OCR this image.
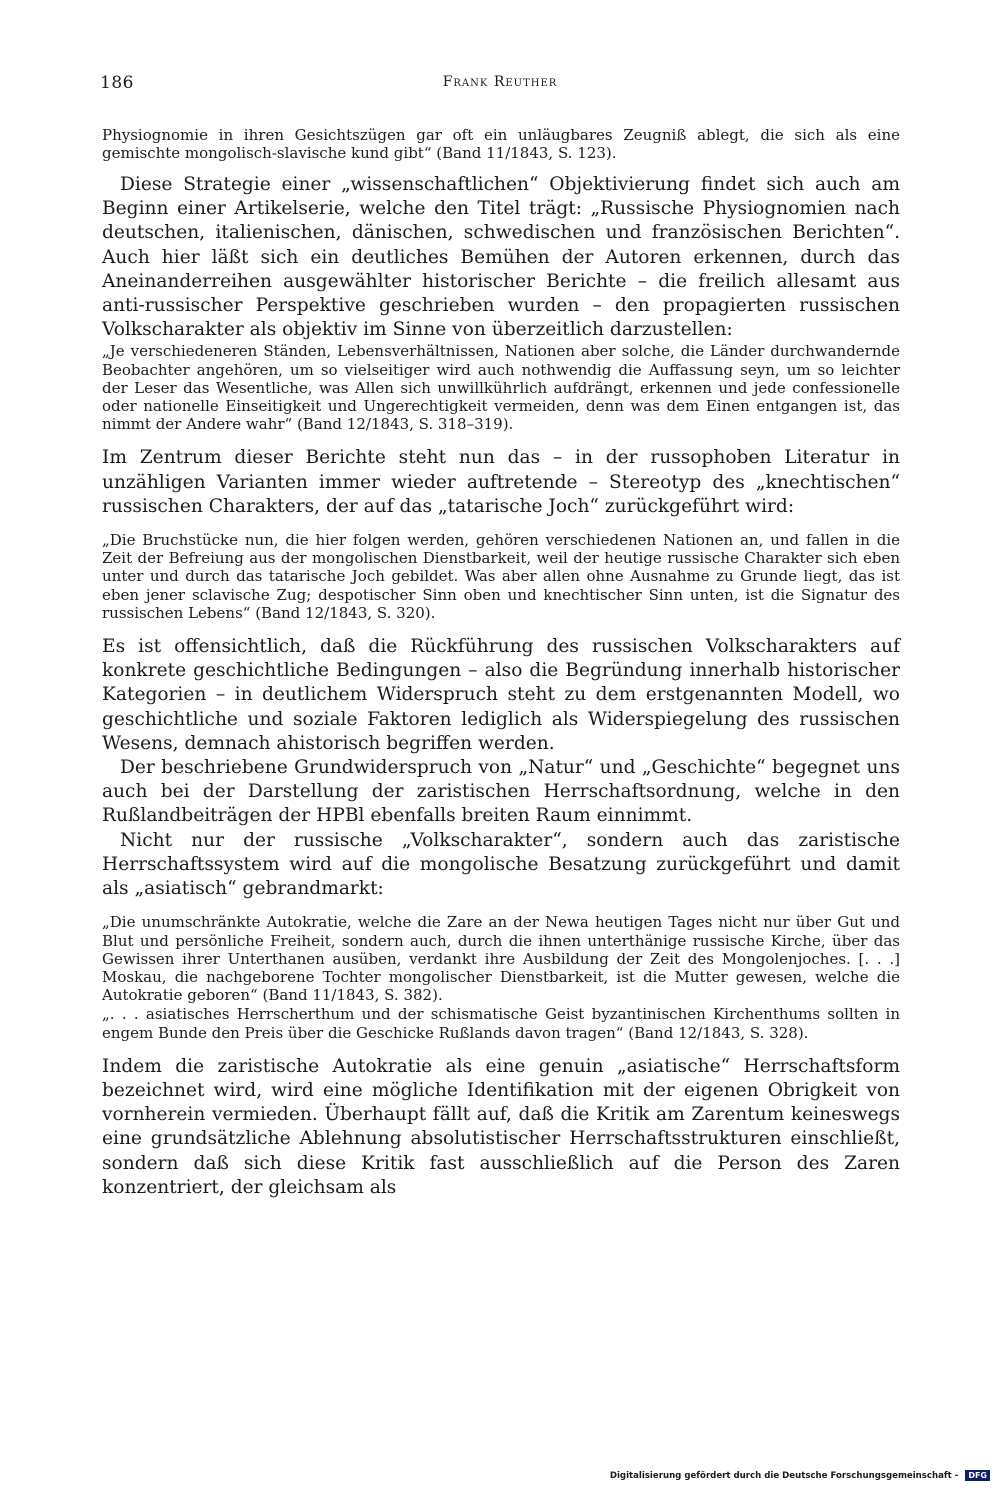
186	Frank Reuther

Physiognomie in ihren Gesichtszügen gar oft ein unläugbares Zeugniß ablegt, die sich als eine gemischte mongolisch-slavische kund gibt“ (Band 11/1843, S. 123).

Diese Strategie einer „wissenschaftlichen“ Objektivierung findet sich auch am Beginn einer Artikelserie, welche den Titel trägt: „Russische Physiognomien nach deutschen, italienischen, dänischen, schwedischen und französischen Berichten“. Auch hier läßt sich ein deutliches Bemühen der Autoren erkennen, durch das Aneinanderreihen ausgewählter historischer Berichte – die freilich allesamt aus anti-russischer Perspektive geschrieben wurden – den propagierten russischen Volkscharakter als objektiv im Sinne von überzeitlich darzustellen:

„Je verschiedeneren Ständen, Lebensverhältnissen, Nationen aber solche, die Länder durchwandernde Beobachter angehören, um so vielseitiger wird auch nothwendig die Auffassung seyn, um so leichter der Leser das Wesentliche, was Allen sich unwillkührlich aufdrängt, erkennen und jede confessionelle oder nationelle Einseitigkeit und Ungerechtigkeit vermeiden, denn was dem Einen entgangen ist, das nimmt der Andere wahr“ (Band 12/1843, S. 318–319).

Im Zentrum dieser Berichte steht nun das – in der russophoben Literatur in unzähligen Varianten immer wieder auftretende – Stereotyp des „knechtischen“ russischen Charakters, der auf das „tatarische Joch“ zurückgeführt wird:

„Die Bruchstücke nun, die hier folgen werden, gehören verschiedenen Nationen an, und fallen in die Zeit der Befreiung aus der mongolischen Dienstbarkeit, weil der heutige russische Charakter sich eben unter und durch das tatarische Joch gebildet. Was aber allen ohne Ausnahme zu Grunde liegt, das ist eben jener sclavische Zug; despotischer Sinn oben und knechtischer Sinn unten, ist die Signatur des russischen Lebens“ (Band 12/1843, S. 320).

Es ist offensichtlich, daß die Rückführung des russischen Volkscharakters auf konkrete geschichtliche Bedingungen – also die Begründung innerhalb historischer Kategorien – in deutlichem Widerspruch steht zu dem erstgenannten Modell, wo geschichtliche und soziale Faktoren lediglich als Widerspiegelung des russischen Wesens, demnach ahistorisch begriffen werden.

Der beschriebene Grundwiderspruch von „Natur“ und „Geschichte“ begegnet uns auch bei der Darstellung der zaristischen Herrschaftsordnung, welche in den Rußlandbeiträgen der HPBl ebenfalls breiten Raum einnimmt.

Nicht nur der russische „Volkscharakter“, sondern auch das zaristische Herrschaftssystem wird auf die mongolische Besatzung zurückgeführt und damit als „asiatisch“ gebrandmarkt:

„Die unumschränkte Autokratie, welche die Zare an der Newa heutigen Tages nicht nur über Gut und Blut und persönliche Freiheit, sondern auch, durch die ihnen unterthänige russische Kirche, über das Gewissen ihrer Unterthanen ausüben, verdankt ihre Ausbildung der Zeit des Mongolenjoches. [. . .] Moskau, die nachgeborene Tochter mongolischer Dienstbarkeit, ist die Mutter gewesen, welche die Autokratie geboren“ (Band 11/1843, S. 382).

„. . . asiatisches Herrscherthum und der schismatische Geist byzantinischen Kirchenthums sollten in engem Bunde den Preis über die Geschicke Rußlands davon tragen“ (Band 12/1843, S. 328).

Indem die zaristische Autokratie als eine genuin „asiatische“ Herrschaftsform bezeichnet wird, wird eine mögliche Identifikation mit der eigenen Obrigkeit von vornherein vermieden. Überhaupt fällt auf, daß die Kritik am Zarentum keineswegs eine grundsätzliche Ablehnung absolutistischer Herrschaftsstrukturen einschließt, sondern daß sich diese Kritik fast ausschließlich auf die Person des Zaren konzentriert, der gleichsam als

Digitalisierung gefördert durch die Deutsche Forschungsgemeinschaft - DFG
